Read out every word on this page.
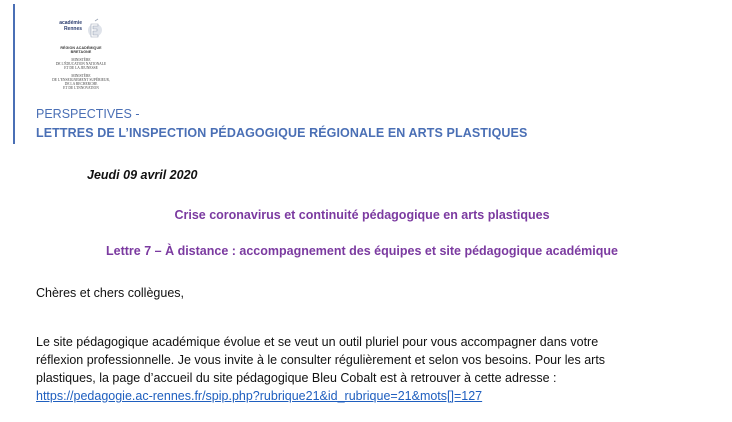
académie
Rennes
RÉGION ACADÉMIQUE
BRETAGNE
MINISTÈRE
DE L'ÉDUCATION NATIONALE
ET DE LA JEUNESSE
MINISTÈRE
DE L'ENSEIGNEMENT SUPÉRIEUR,
DE LA RECHERCHE
ET DE L'INNOVATION
PERSPECTIVES -
LETTRES DE L’INSPECTION PÉDAGOGIQUE RÉGIONALE EN ARTS PLASTIQUES
Jeudi 09 avril 2020
Crise coronavirus et continuité pédagogique en arts plastiques
Lettre 7 – À distance : accompagnement des équipes et site pédagogique académique
Chères et chers collègues,
Le site pédagogique académique évolue et se veut un outil pluriel pour vous accompagner dans votre
réflexion professionnelle. Je vous invite à le consulter régulièrement et selon vos besoins. Pour les arts
plastiques, la page d’accueil du site pédagogique Bleu Cobalt est à retrouver à cette adresse :
https://pedagogie.ac-rennes.fr/spip.php?rubrique21&id_rubrique=21&mots[]=127
